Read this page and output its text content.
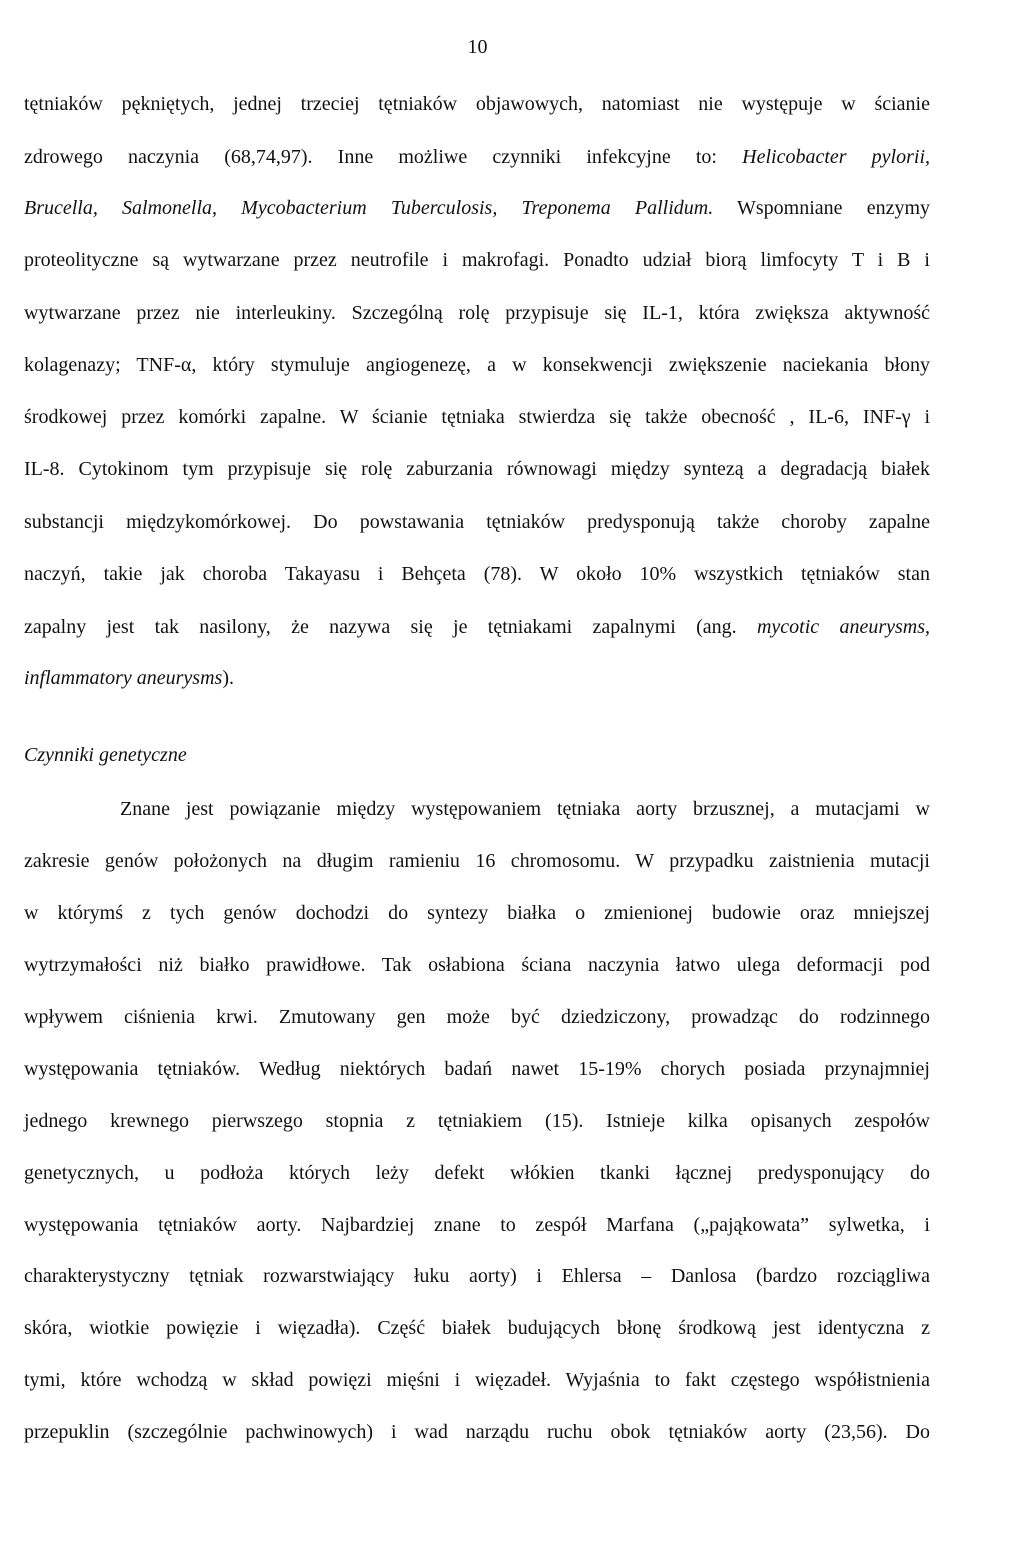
10
tętniaków pękniętych, jednej trzeciej tętniaków objawowych, natomiast nie występuje w ścianie
zdrowego naczynia (68,74,97). Inne możliwe czynniki infekcyjne to: Helicobacter pylorii,
Brucella, Salmonella, Mycobacterium Tuberculosis, Treponema Pallidum. Wspomniane enzymy
proteolityczne są wytwarzane przez neutrofile i makrofagi. Ponadto udział biorą limfocyty T i B i
wytwarzane przez nie interleukiny. Szczególną rolę przypisuje się IL-1, która zwiększa aktywność
kolagenazy; TNF-α, który stymuluje angiogenezę, a w konsekwencji zwiększenie naciekania błony
środkowej przez komórki zapalne. W ścianie tętniaka stwierdza się także obecność , IL-6, INF-γ i
IL-8. Cytokinom tym przypisuje się rolę zaburzania równowagi między syntezą a degradacją białek
substancji międzykomórkowej. Do powstawania tętniaków predysponują także choroby zapalne
naczyń, takie jak choroba Takayasu i Behçeta (78). W około 10% wszystkich tętniaków stan
zapalny jest tak nasilony, że nazywa się je tętniakami zapalnymi (ang. mycotic aneurysms,
inflammatory aneurysms).
Czynniki genetyczne
Znane jest powiązanie między występowaniem tętniaka aorty brzusznej, a mutacjami w
zakresie genów położonych na długim ramieniu 16 chromosomu. W przypadku zaistnienia mutacji
w którymś z tych genów dochodzi do syntezy białka o zmienionej budowie oraz mniejszej
wytrzymałości niż białko prawidłowe. Tak osłabiona ściana naczynia łatwo ulega deformacji pod
wpływem ciśnienia krwi. Zmutowany gen może być dziedziczony, prowadząc do rodzinnego
występowania tętniaków. Według niektórych badań nawet 15-19% chorych posiada przynajmniej
jednego krewnego pierwszego stopnia z tętniakiem (15). Istnieje kilka opisanych zespołów
genetycznych, u podłoża których leży defekt włókien tkanki łącznej predysponujący do
występowania tętniaków aorty. Najbardziej znane to zespół Marfana („pająkowata” sylwetka, i
charakterystyczny tętniak rozwarstwiający łuku aorty) i Ehlersa – Danlosa (bardzo rozciągliwa
skóra, wiotkie powięzie i więzadła). Część białek budujących błonę środkową jest identyczna z
tymi, które wchodzą w skład powięzi mięśni i więzadeł. Wyjaśnia to fakt częstego współistnienia
przepuklin (szczególnie pachwinowych) i wad narządu ruchu obok tętniaków aorty (23,56). Do
